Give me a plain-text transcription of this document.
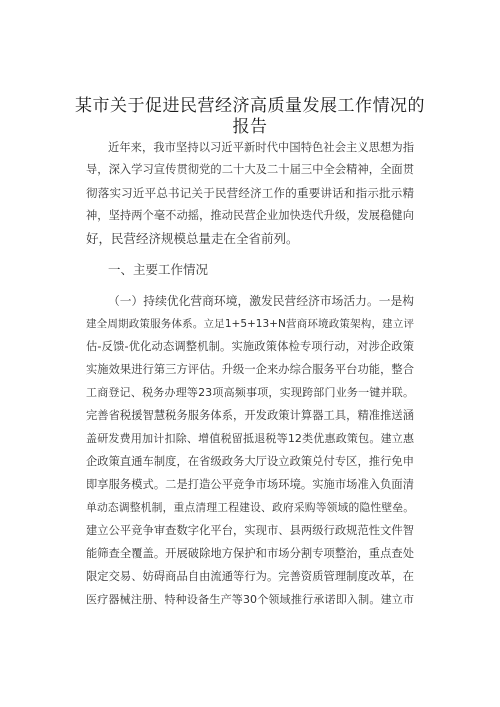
某市关于促进民营经济高质量发展工作情况的
报告
近年来，我市坚持以习近平新时代中国特色社会主义思想为指
导，深入学习宣传贯彻党的二十大及二十届三中全会精神，全面贯
彻落实习近平总书记关于民营经济工作的重要讲话和指示批示精
神，坚持两个毫不动摇，推动民营企业加快迭代升级，发展稳健向
好，民营经济规模总量走在全省前列。
一、主要工作情况
（一）持续优化营商环境，激发民营经济市场活力。一是构
建全周期政策服务体系。立足1+5+13+N营商环境政策架构，建立评
估-反馈-优化动态调整机制。实施政策体检专项行动，对涉企政策
实施效果进行第三方评估。升级一企来办综合服务平台功能，整合
工商登记、税务办理等23项高频事项，实现跨部门业务一键并联。
完善省税援智慧税务服务体系，开发政策计算器工具，精准推送涵
盖研发费用加计扣除、增值税留抵退税等12类优惠政策包。建立惠
企政策直通车制度，在省级政务大厅设立政策兑付专区，推行免申
即享服务模式。二是打造公平竞争市场环境。实施市场准入负面清
单动态调整机制，重点清理工程建设、政府采购等领域的隐性壁垒。
建立公平竞争审查数字化平台，实现市、县两级行政规范性文件智
能筛查全覆盖。开展破除地方保护和市场分割专项整治，重点查处
限定交易、妨碍商品自由流通等行为。完善资质管理制度改革，在
医疗器械注册、特种设备生产等30个领域推行承诺即入制。建立市
